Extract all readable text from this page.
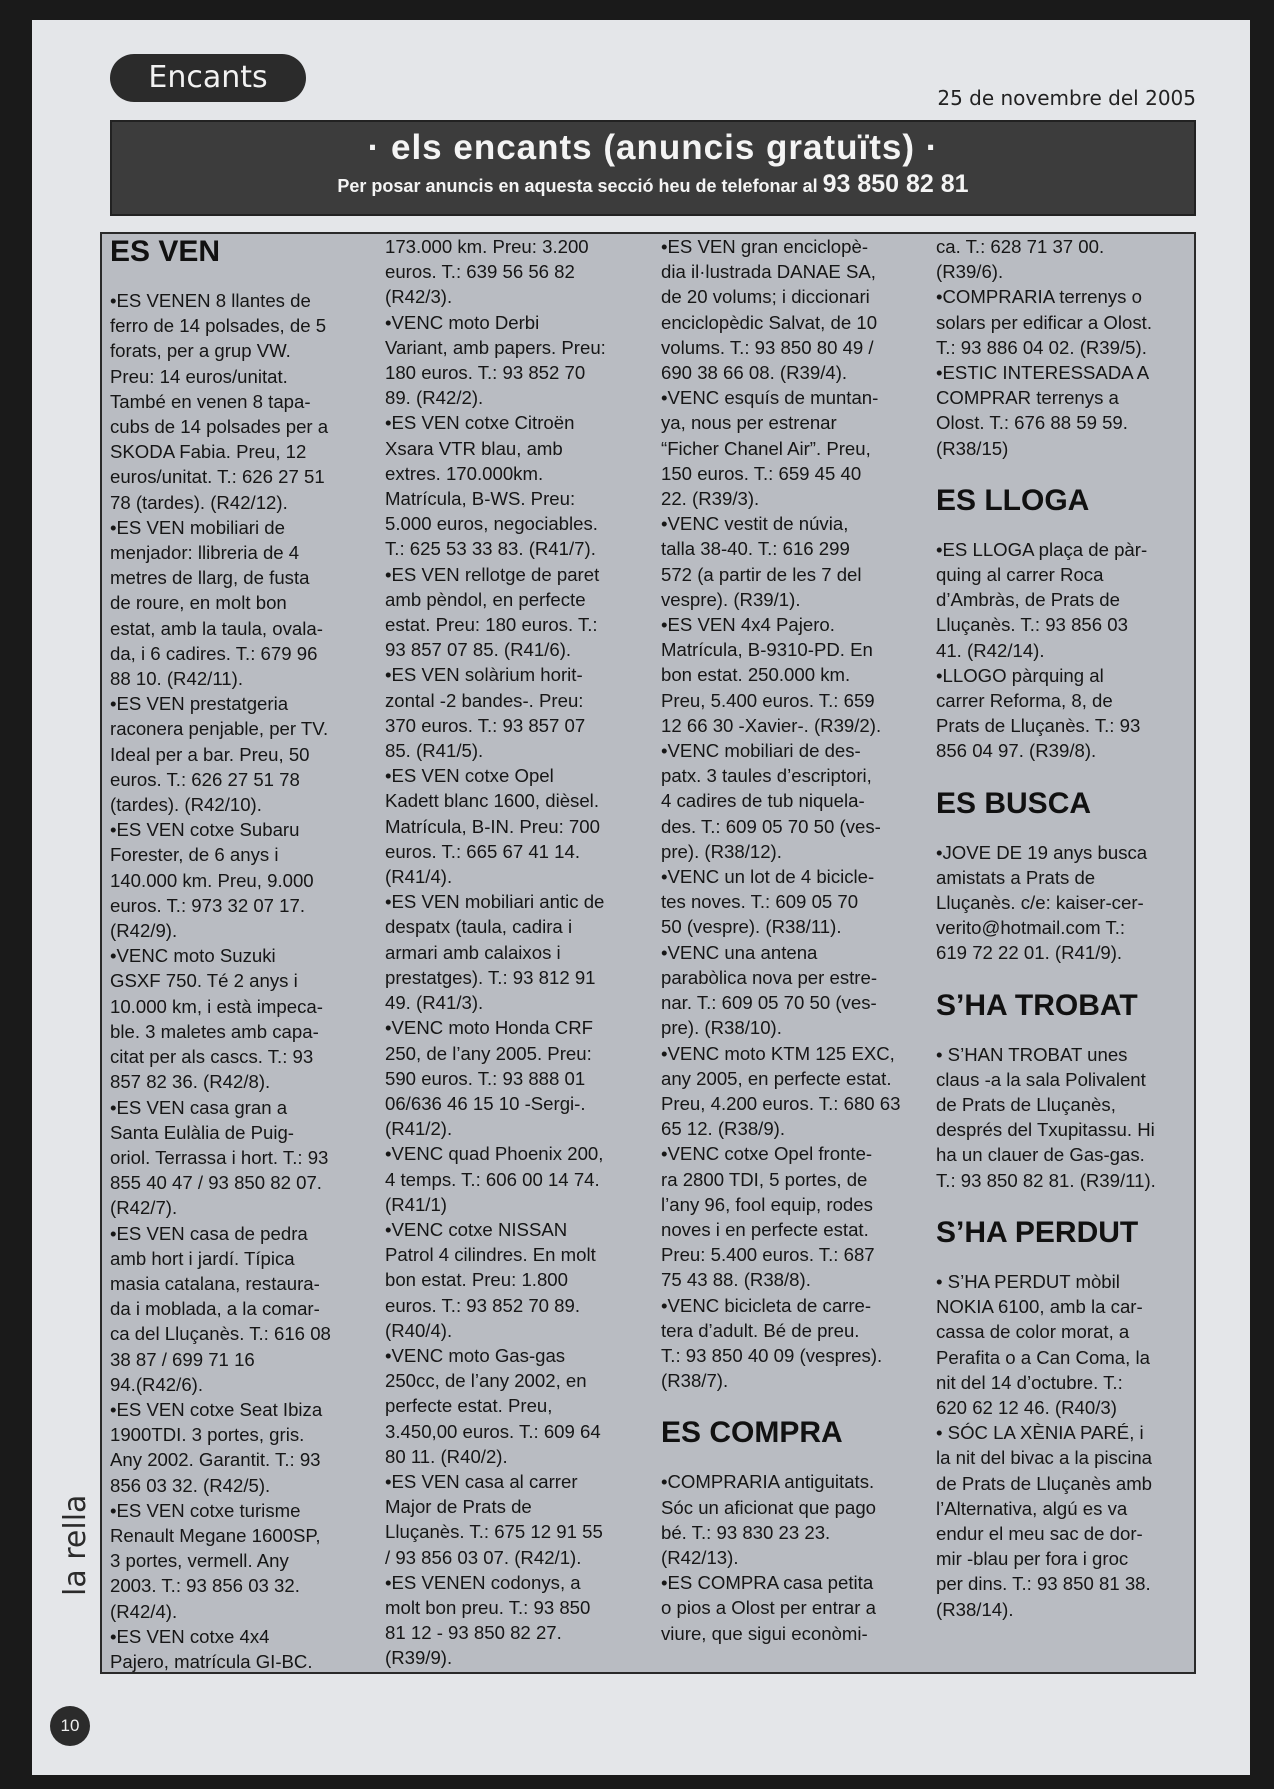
Encants
25 de novembre del 2005
· els encants (anuncis gratuïts) ·
Per posar anuncis en aquesta secció heu de telefonar al 93 850 82 81
ES VEN

•ES VENEN 8 llantes de
ferro de 14 polsades, de 5
forats, per a grup VW.
Preu: 14 euros/unitat.
També en venen 8 tapa-
cubs de 14 polsades per a
SKODA Fabia. Preu, 12
euros/unitat. T.: 626 27 51
78 (tardes). (R42/12).
•ES VEN mobiliari de
menjador: llibreria de 4
metres de llarg, de fusta
de roure, en molt bon
estat, amb la taula, ovala-
da, i 6 cadires. T.: 679 96
88 10. (R42/11).
•ES VEN prestatgeria
raconera penjable, per TV.
Ideal per a bar. Preu, 50
euros. T.: 626 27 51 78
(tardes). (R42/10).
•ES VEN cotxe Subaru
Forester, de 6 anys i
140.000 km. Preu, 9.000
euros. T.: 973 32 07 17.
(R42/9).
•VENC moto Suzuki
GSXF 750. Té 2 anys i
10.000 km, i està impeca-
ble. 3 maletes amb capa-
citat per als cascs. T.: 93
857 82 36. (R42/8).
•ES VEN casa gran a
Santa Eulàlia de Puig-
oriol. Terrassa i hort. T.: 93
855 40 47 / 93 850 82 07.
(R42/7).
•ES VEN casa de pedra
amb hort i jardí. Típica
masia catalana, restaura-
da i moblada, a la comar-
ca del Lluçanès. T.: 616 08
38 87 / 699 71 16
94.(R42/6).
•ES VEN cotxe Seat Ibiza
1900TDI. 3 portes, gris.
Any 2002. Garantit. T.: 93
856 03 32. (R42/5).
•ES VEN cotxe turisme
Renault Megane 1600SP,
3 portes, vermell. Any
2003. T.: 93 856 03 32.
(R42/4).
•ES VEN cotxe 4x4
Pajero, matrícula GI-BC.

173.000 km. Preu: 3.200
euros. T.: 639 56 56 82
(R42/3).
•VENC moto Derbi
Variant, amb papers. Preu:
180 euros. T.: 93 852 70
89. (R42/2).
•ES VEN cotxe Citroën
Xsara VTR blau, amb
extres. 170.000km.
Matrícula, B-WS. Preu:
5.000 euros, negociables.
T.: 625 53 33 83. (R41/7).
•ES VEN rellotge de paret
amb pèndol, en perfecte
estat. Preu: 180 euros. T.:
93 857 07 85. (R41/6).
•ES VEN solàrium horit-
zontal -2 bandes-. Preu:
370 euros. T.: 93 857 07
85. (R41/5).
•ES VEN cotxe Opel
Kadett blanc 1600, dièsel.
Matrícula, B-IN. Preu: 700
euros. T.: 665 67 41 14.
(R41/4).
•ES VEN mobiliari antic de
despatx (taula, cadira i
armari amb calaixos i
prestatges). T.: 93 812 91
49. (R41/3).
•VENC moto Honda CRF
250, de l’any 2005. Preu:
590 euros. T.: 93 888 01
06/636 46 15 10 -Sergi-.
(R41/2).
•VENC quad Phoenix 200,
4 temps. T.: 606 00 14 74.
(R41/1)
•VENC cotxe NISSAN
Patrol 4 cilindres. En molt
bon estat. Preu: 1.800
euros. T.: 93 852 70 89.
(R40/4).
•VENC moto Gas-gas
250cc, de l’any 2002, en
perfecte estat. Preu,
3.450,00 euros. T.: 609 64
80 11. (R40/2).
•ES VEN casa al carrer
Major de Prats de
Lluçanès. T.: 675 12 91 55
/ 93 856 03 07. (R42/1).
•ES VENEN codonys, a
molt bon preu. T.: 93 850
81 12 - 93 850 82 27.
(R39/9).

•ES VEN gran enciclopè-
dia il·lustrada DANAE SA,
de 20 volums; i diccionari
enciclopèdic Salvat, de 10
volums. T.: 93 850 80 49 /
690 38 66 08. (R39/4).
•VENC esquís de muntan-
ya, nous per estrenar
“Ficher Chanel Air”. Preu,
150 euros. T.: 659 45 40
22. (R39/3).
•VENC vestit de núvia,
talla 38-40. T.: 616 299
572 (a partir de les 7 del
vespre). (R39/1).
•ES VEN 4x4 Pajero.
Matrícula, B-9310-PD. En
bon estat. 250.000 km.
Preu, 5.400 euros. T.: 659
12 66 30 -Xavier-. (R39/2).
•VENC mobiliari de des-
patx. 3 taules d’escriptori,
4 cadires de tub niquela-
des. T.: 609 05 70 50 (ves-
pre). (R38/12).
•VENC un lot de 4 biciclе-
tes noves. T.: 609 05 70
50 (vespre). (R38/11).
•VENC una antena
parabòlica nova per estre-
nar. T.: 609 05 70 50 (ves-
pre). (R38/10).
•VENC moto KTM 125 EXC,
any 2005, en perfecte estat.
Preu, 4.200 euros. T.: 680 63
65 12. (R38/9).
•VENC cotxe Opel fronte-
ra 2800 TDI, 5 portes, de
l’any 96, fool equip, rodes
noves i en perfecte estat.
Preu: 5.400 euros. T.: 687
75 43 88. (R38/8).
•VENC bicicleta de carre-
tera d’adult. Bé de preu.
T.: 93 850 40 09 (vespres).
(R38/7).

ES COMPRA

•COMPRARIA antiguitats.
Sóc un aficionat que pago
bé. T.: 93 830 23 23.
(R42/13).
•ES COMPRA casa petita
o pios a Olost per entrar a
viure, que sigui econòmi-

ca. T.: 628 71 37 00.
(R39/6).
•COMPRARIA terrenys o
solars per edificar a Olost.
T.: 93 886 04 02. (R39/5).
•ESTIC INTERESSADA A
COMPRAR terrenys a
Olost. T.: 676 88 59 59.
(R38/15)

ES LLOGA

•ES LLOGA plaça de pàr-
quing al carrer Roca
d’Ambràs, de Prats de
Lluçanès. T.: 93 856 03
41. (R42/14).
•LLOGO pàrquing al
carrer Reforma, 8, de
Prats de Lluçanès. T.: 93
856 04 97. (R39/8).

ES BUSCA

•JOVE DE 19 anys busca
amistats a Prats de
Lluçanès. c/e: kaiser-cer-
verito@hotmail.com T.:
619 72 22 01. (R41/9).

S’HA TROBAT

• S’HAN TROBAT unes
claus -a la sala Polivalent
de Prats de Lluçanès,
després del Txupitassu. Hi
ha un clauer de Gas-gas.
T.: 93 850 82 81. (R39/11).

S’HA PERDUT

• S’HA PERDUT mòbil
NOKIA 6100, amb la car-
cassa de color morat, a
Perafita o a Can Coma, la
nit del 14 d’octubre. T.:
620 62 12 46. (R40/3)
• SÓC LA XÈNIA PARÉ, i
la nit del bivac a la piscina
de Prats de Lluçanès amb
l’Alternativa, algú es va
endur el meu sac de dor-
mir -blau per fora i groc
per dins. T.: 93 850 81 38.
(R38/14).

la rella
10
